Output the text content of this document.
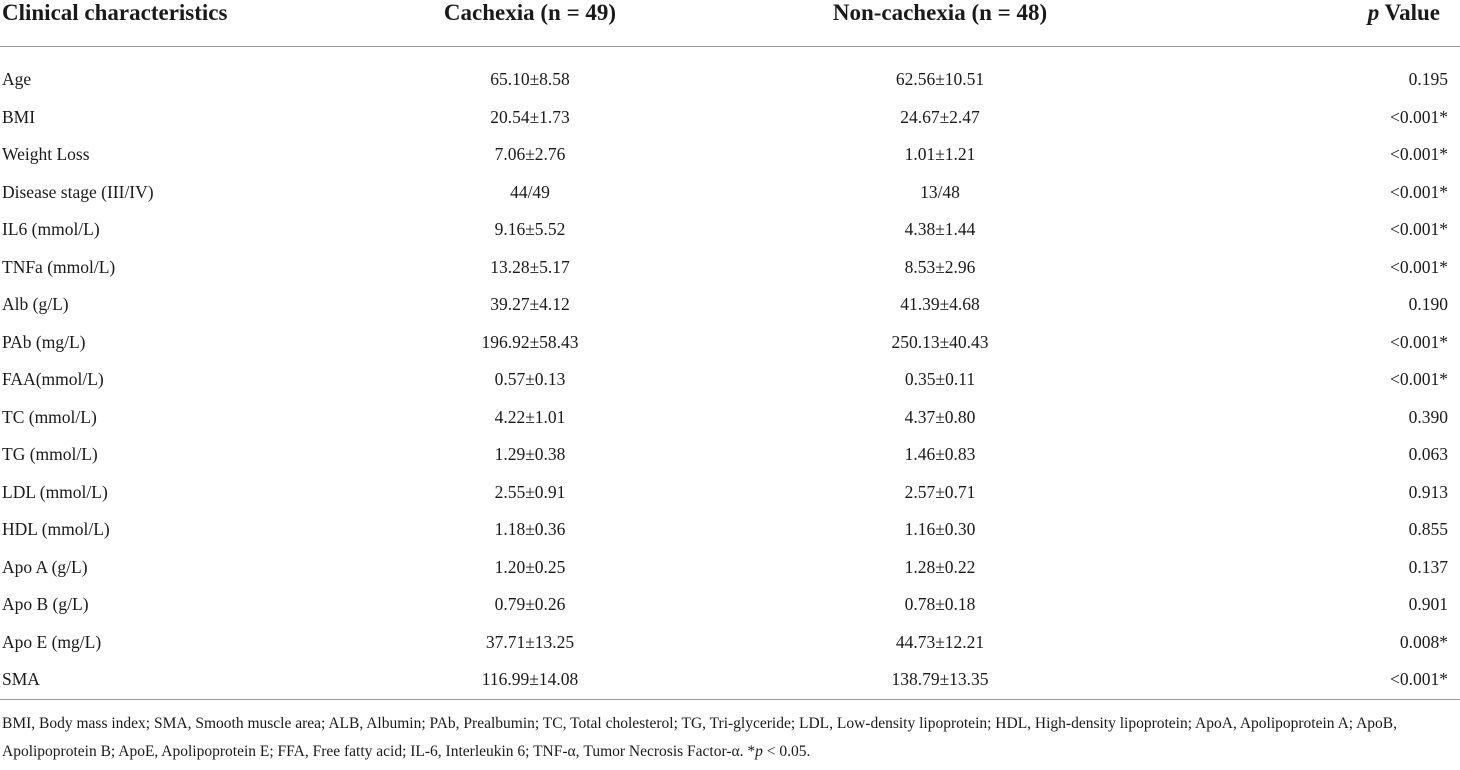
Clinical characteristics	Cachexia (n = 49)	Non-cachexia (n = 48)	p Value

Age	65.10±8.58	62.56±10.51	0.195
BMI	20.54±1.73	24.67±2.47	<0.001*
Weight Loss	7.06±2.76	1.01±1.21	<0.001*
Disease stage (III/IV)	44/49	13/48	<0.001*
IL6 (mmol/L)	9.16±5.52	4.38±1.44	<0.001*
TNFa (mmol/L)	13.28±5.17	8.53±2.96	<0.001*
Alb (g/L)	39.27±4.12	41.39±4.68	0.190
PAb (mg/L)	196.92±58.43	250.13±40.43	<0.001*
FAA(mmol/L)	0.57±0.13	0.35±0.11	<0.001*
TC (mmol/L)	4.22±1.01	4.37±0.80	0.390
TG (mmol/L)	1.29±0.38	1.46±0.83	0.063
LDL (mmol/L)	2.55±0.91	2.57±0.71	0.913
HDL (mmol/L)	1.18±0.36	1.16±0.30	0.855
Apo A (g/L)	1.20±0.25	1.28±0.22	0.137
Apo B (g/L)	0.79±0.26	0.78±0.18	0.901
Apo E (mg/L)	37.71±13.25	44.73±12.21	0.008*
SMA	116.99±14.08	138.79±13.35	<0.001*
BMI, Body mass index; SMA, Smooth muscle area; ALB, Albumin; PAb, Prealbumin; TC, Total cholesterol; TG, Tri-glyceride; LDL, Low-density lipoprotein; HDL, High-density lipoprotein; ApoA, Apolipoprotein A; ApoB, Apolipoprotein B; ApoE, Apolipoprotein E; FFA, Free fatty acid; IL-6, Interleukin 6; TNF-α, Tumor Necrosis Factor-α. *p < 0.05.
